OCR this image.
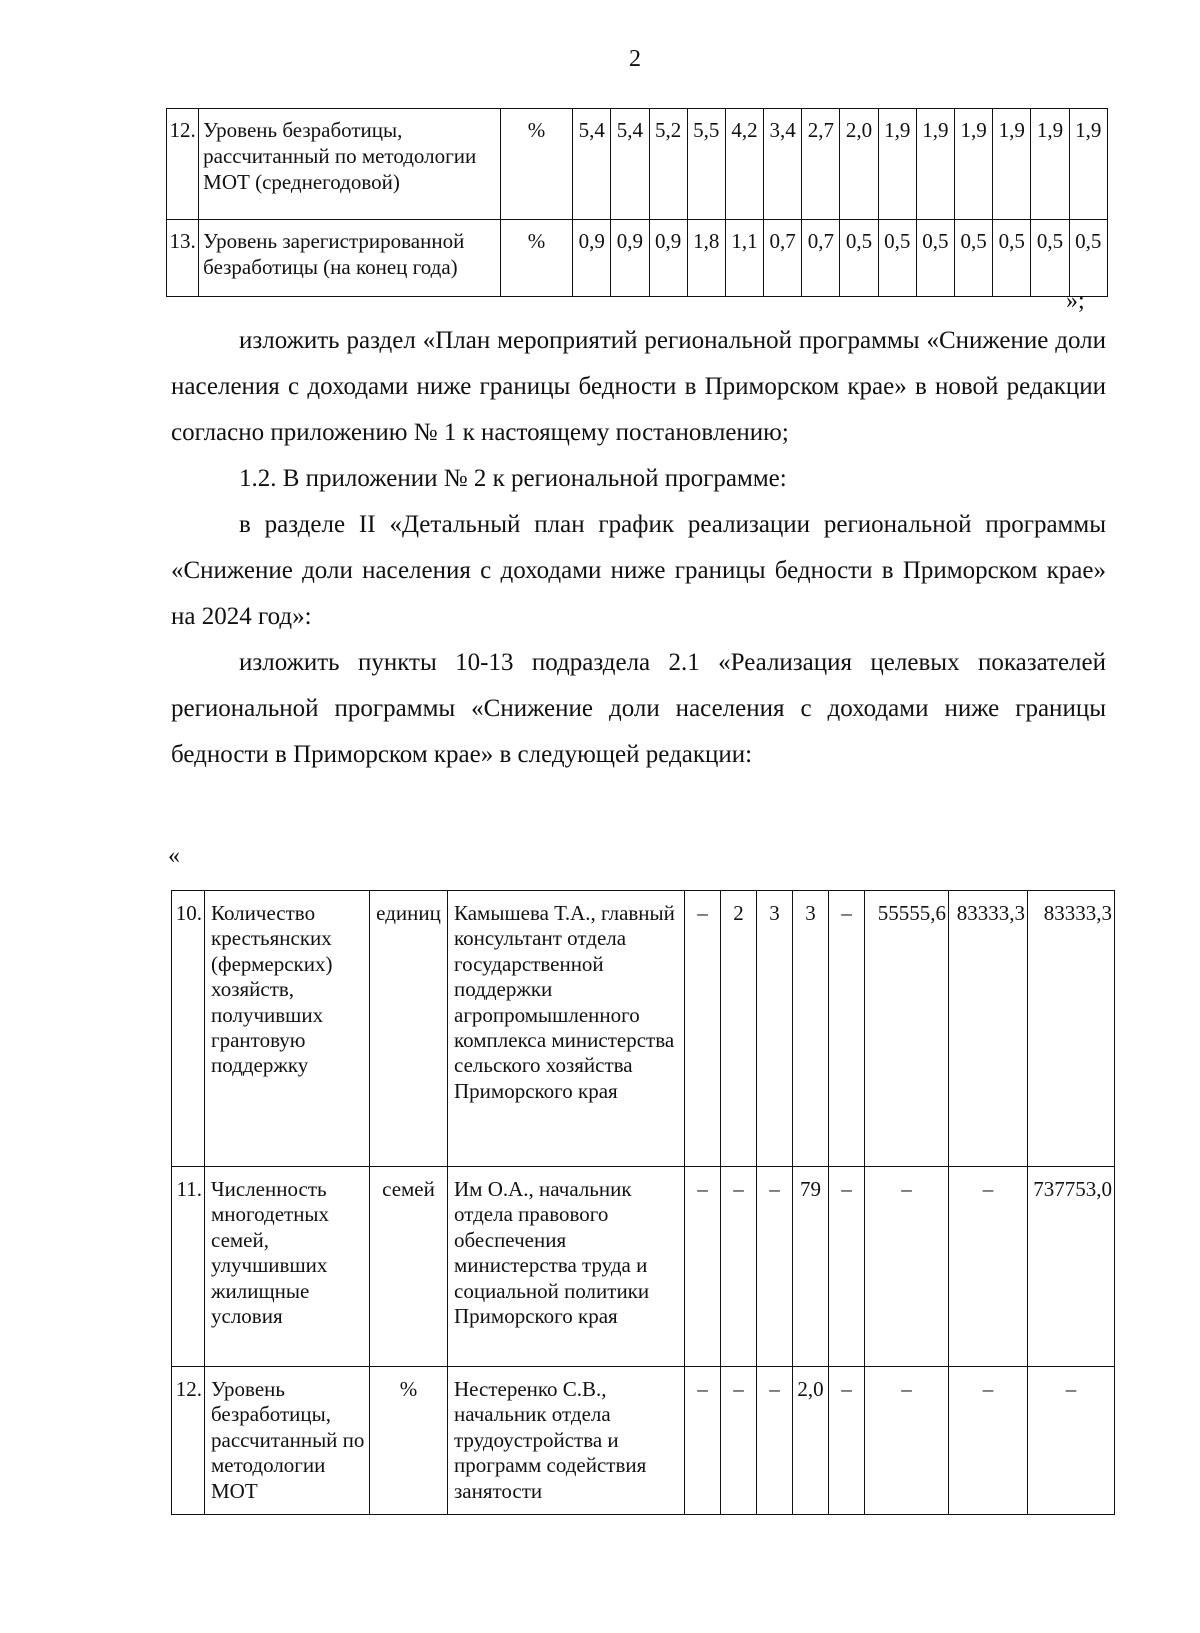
2
12.	Уровень безработицы, рассчитанный по методологии МОТ (среднегодовой)	%	5,4	5,4	5,2	5,5	4,2	3,4	2,7	2,0	1,9	1,9	1,9	1,9	1,9	1,9
13.	Уровень зарегистрированной безработицы (на конец года)	%	0,9	0,9	0,9	1,8	1,1	0,7	0,7	0,5	0,5	0,5	0,5	0,5	0,5	0,5
»;

изложить раздел «План мероприятий региональной программы «Снижение доли населения с доходами ниже границы бедности в Приморском крае» в новой редакции согласно приложению № 1 к настоящему постановлению;

1.2. В приложении № 2 к региональной программе:

в разделе II «Детальный план график реализации региональной программы «Снижение доли населения с доходами ниже границы бедности в Приморском крае» на 2024 год»:

изложить пункты 10-13 подраздела 2.1 «Реализация целевых показателей региональной программы «Снижение доли населения с доходами ниже границы бедности в Приморском крае» в следующей редакции:

«
10.	Количество крестьянских (фермерских) хозяйств, получивших грантовую поддержку	единиц	Камышева Т.А., главный консультант отдела государственной поддержки агропромышленного комплекса министерства сельского хозяйства Приморского края	–	2	3	3	–	55555,6	83333,3	83333,3
11.	Численность многодетных семей, улучшивших жилищные условия	семей	Им О.А., начальник отдела правового обеспечения министерства труда и социальной политики Приморского края	–	–	–	79	–	–	–	737753,0
12.	Уровень безработицы, рассчитанный по методологии МОТ	%	Нестеренко С.В., начальник отдела трудоустройства и программ содействия занятости	–	–	–	2,0	–	–	–	–
